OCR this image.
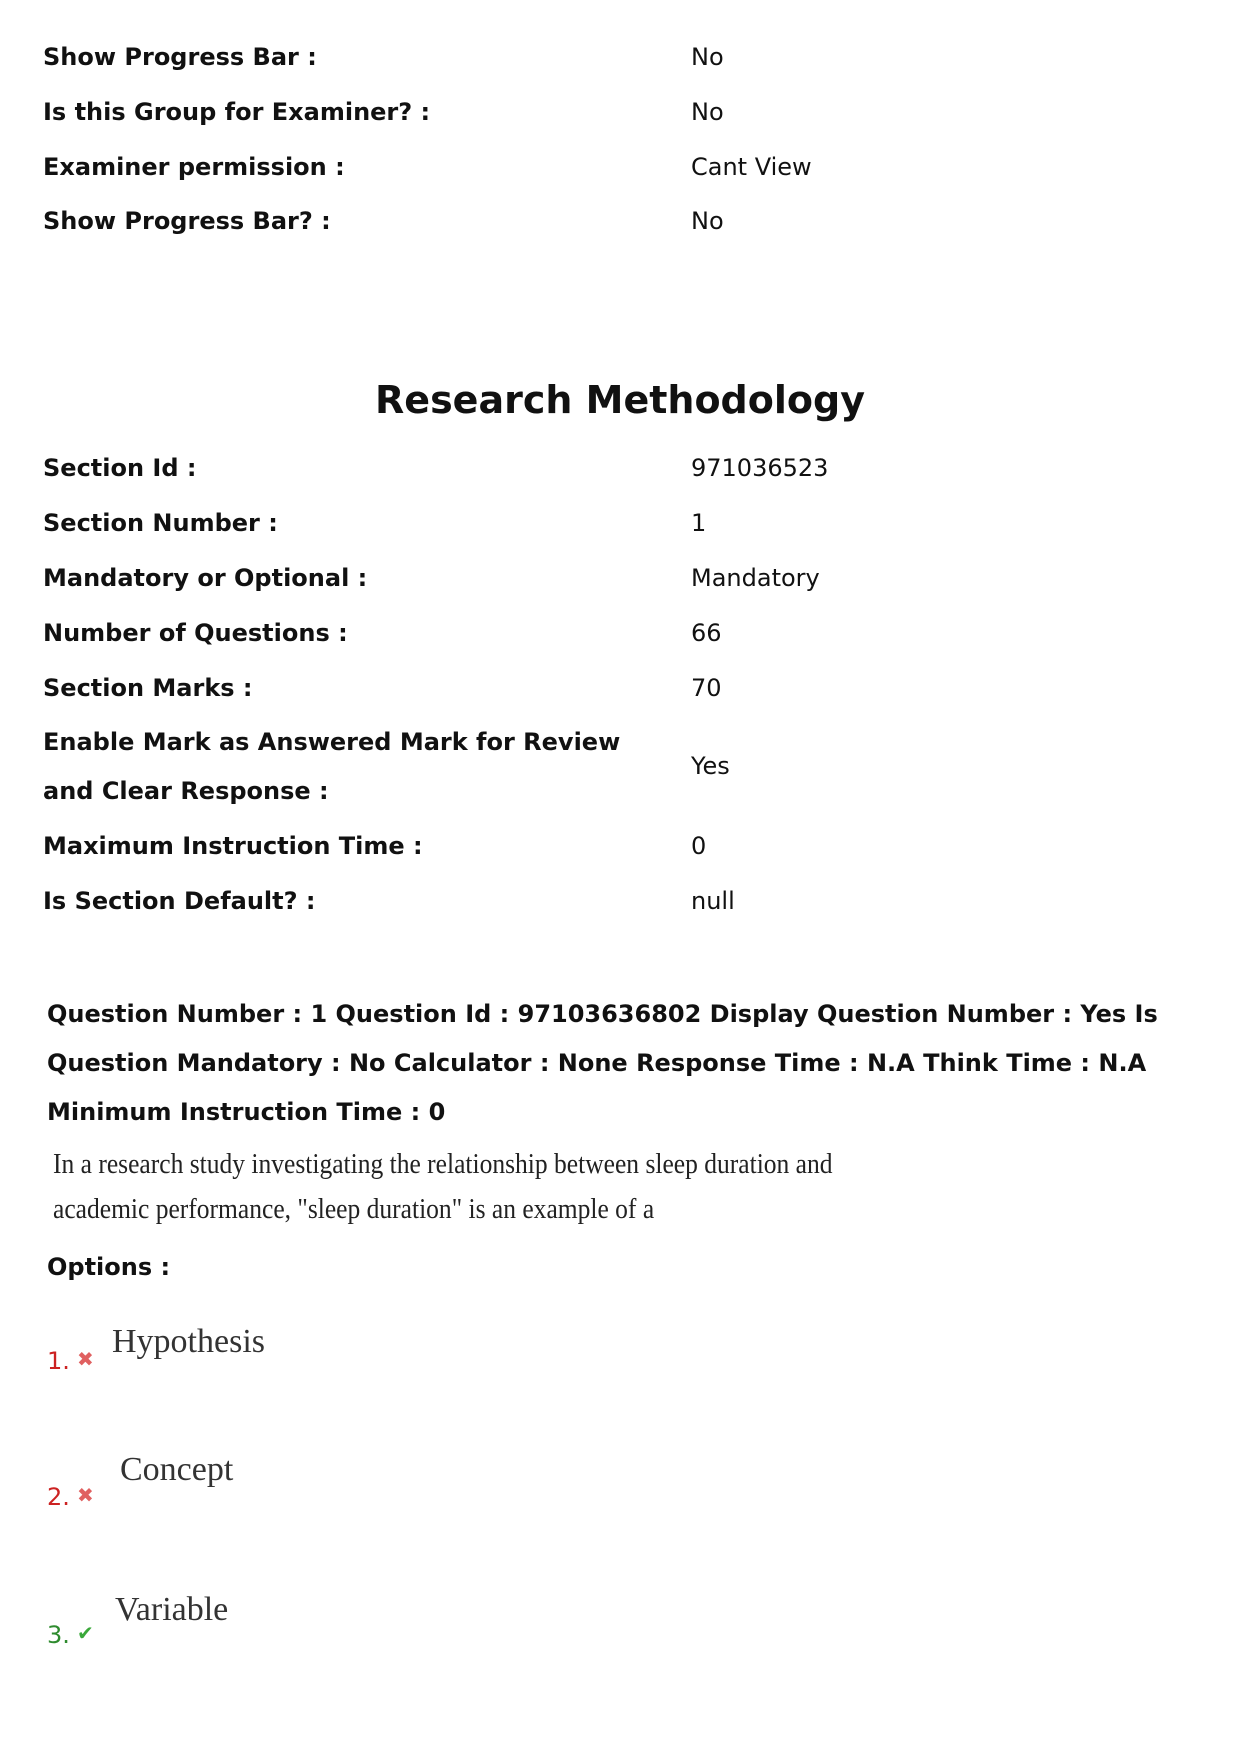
Show Progress Bar :	No
Is this Group for Examiner? :	No
Examiner permission :	Cant View
Show Progress Bar? :	No
Research Methodology
Section Id :	971036523
Section Number :	1
Mandatory or Optional :	Mandatory
Number of Questions :	66
Section Marks :	70
Enable Mark as Answered Mark for Review and Clear Response :
Yes
Maximum Instruction Time :	0
Is Section Default? :	null
Question Number : 1 Question Id : 97103636802 Display Question Number : Yes Is Question Mandatory : No Calculator : None Response Time : N.A Think Time : N.A Minimum Instruction Time : 0
In a research study investigating the relationship between sleep duration and academic performance, "sleep duration" is an example of a
Options :
1. ✖ Hypothesis
2. ✖
Concept
3. ✔
Variable
